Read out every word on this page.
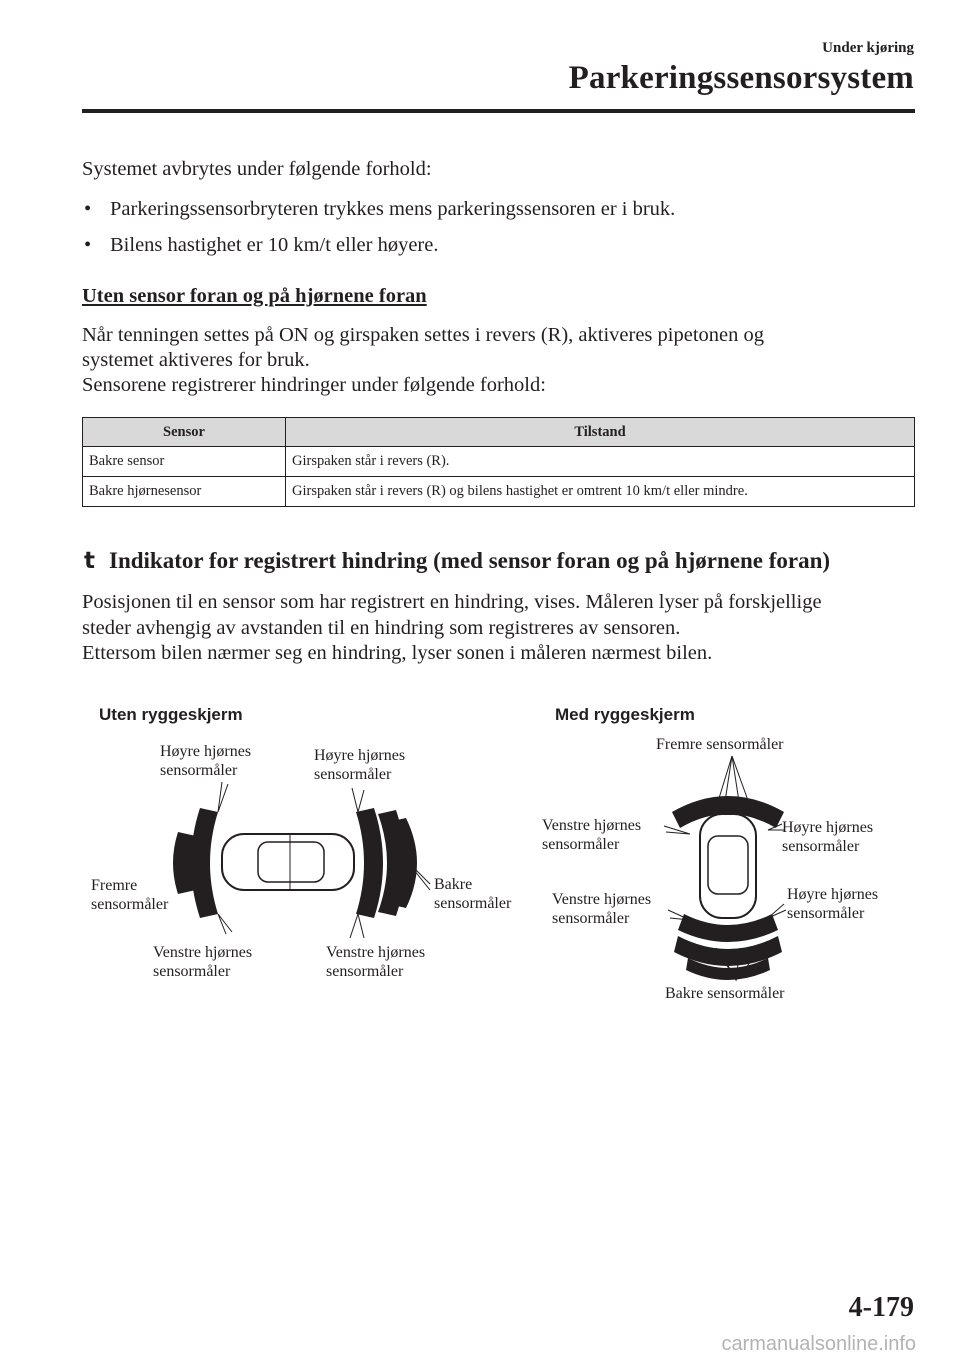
Under kjøring
Parkeringssensorsystem
Systemet avbrytes under følgende forhold:
• Parkeringssensorbryteren trykkes mens parkeringssensoren er i bruk.
• Bilens hastighet er 10 km/t eller høyere.
Uten sensor foran og på hjørnene foran
Når tenningen settes på ON og girspaken settes i revers (R), aktiveres pipetonen og
systemet aktiveres for bruk.
Sensorene registrerer hindringer under følgende forhold:
Sensor	Tilstand
Bakre sensor	Girspaken står i revers (R).
Bakre hjørnesensor	Girspaken står i revers (R) og bilens hastighet er omtrent 10 km/t eller mindre.
t Indikator for registrert hindring (med sensor foran og på hjørnene foran)
Posisjonen til en sensor som har registrert en hindring, vises. Måleren lyser på forskjellige
steder avhengig av avstanden til en hindring som registreres av sensoren.
Ettersom bilen nærmer seg en hindring, lyser sonen i måleren nærmest bilen.
Uten ryggeskjerm	Med ryggeskjerm
Høyre hjørnes
sensormåler
Høyre hjørnes
sensormåler
Fremre
sensormåler
Bakre
sensormåler
Venstre hjørnes
sensormåler
Venstre hjørnes
sensormåler
Fremre sensormåler
Venstre hjørnes
sensormåler
Høyre hjørnes
sensormåler
Venstre hjørnes
sensormåler
Høyre hjørnes
sensormåler
Bakre sensormåler
4-179
carmanualsonline.info
